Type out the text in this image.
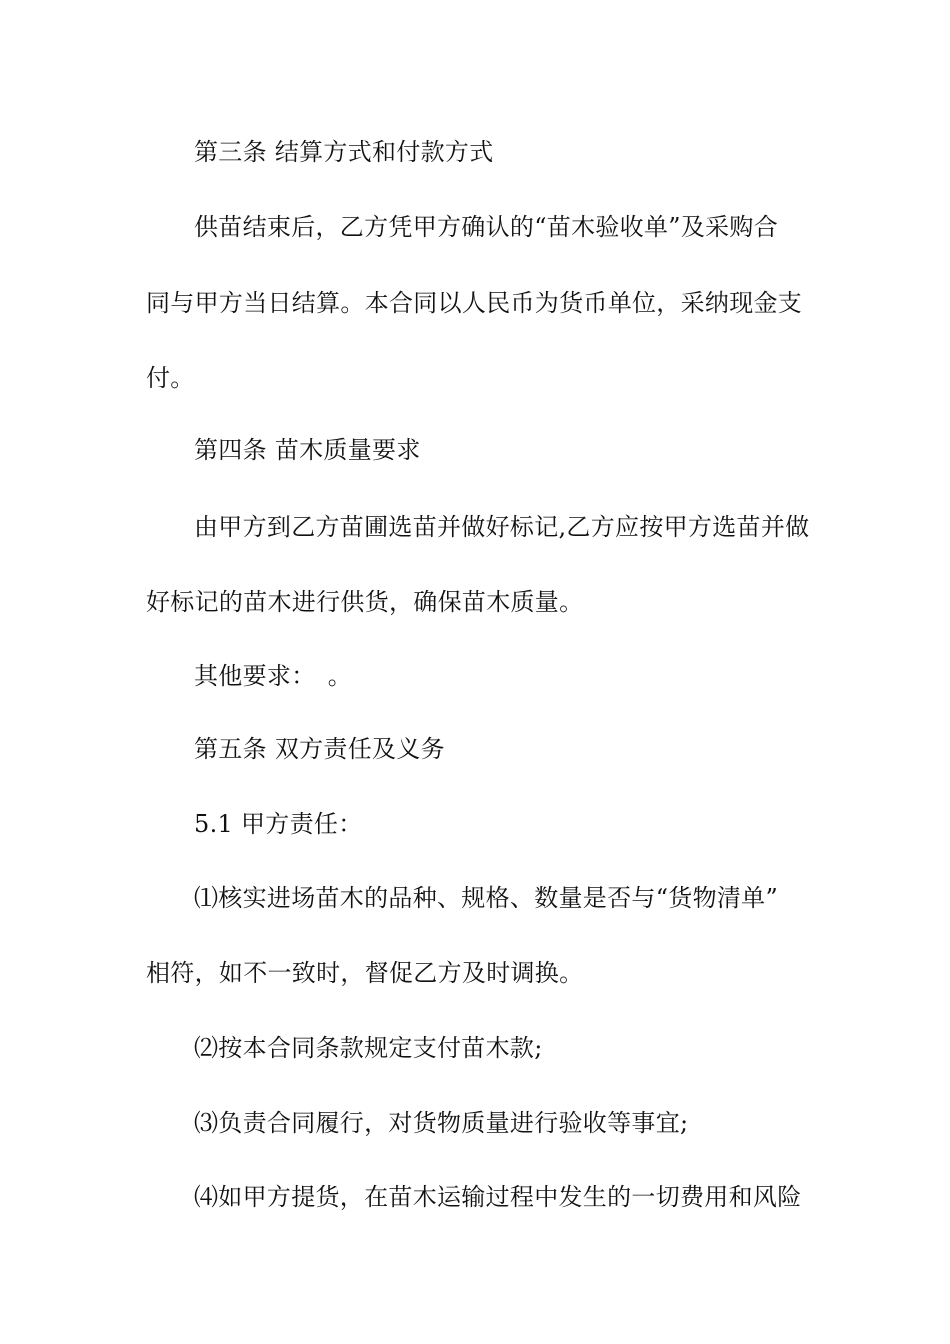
第三条 结算方式和付款方式
供苗结束后，乙方凭甲方确认的“苗木验收单”及采购合
同与甲方当日结算。本合同以人民币为货币单位，采纳现金支
付。
第四条 苗木质量要求
由甲方到乙方苗圃选苗并做好标记,乙方应按甲方选苗并做
好标记的苗木进行供货，确保苗木质量。
其他要求：　。
第五条 双方责任及义务
5.1 甲方责任：
⑴核实进场苗木的品种、规格、数量是否与“货物清单”
相符，如不一致时，督促乙方及时调换。
⑵按本合同条款规定支付苗木款;
⑶负责合同履行，对货物质量进行验收等事宜;
⑷如甲方提货，在苗木运输过程中发生的一切费用和风险
